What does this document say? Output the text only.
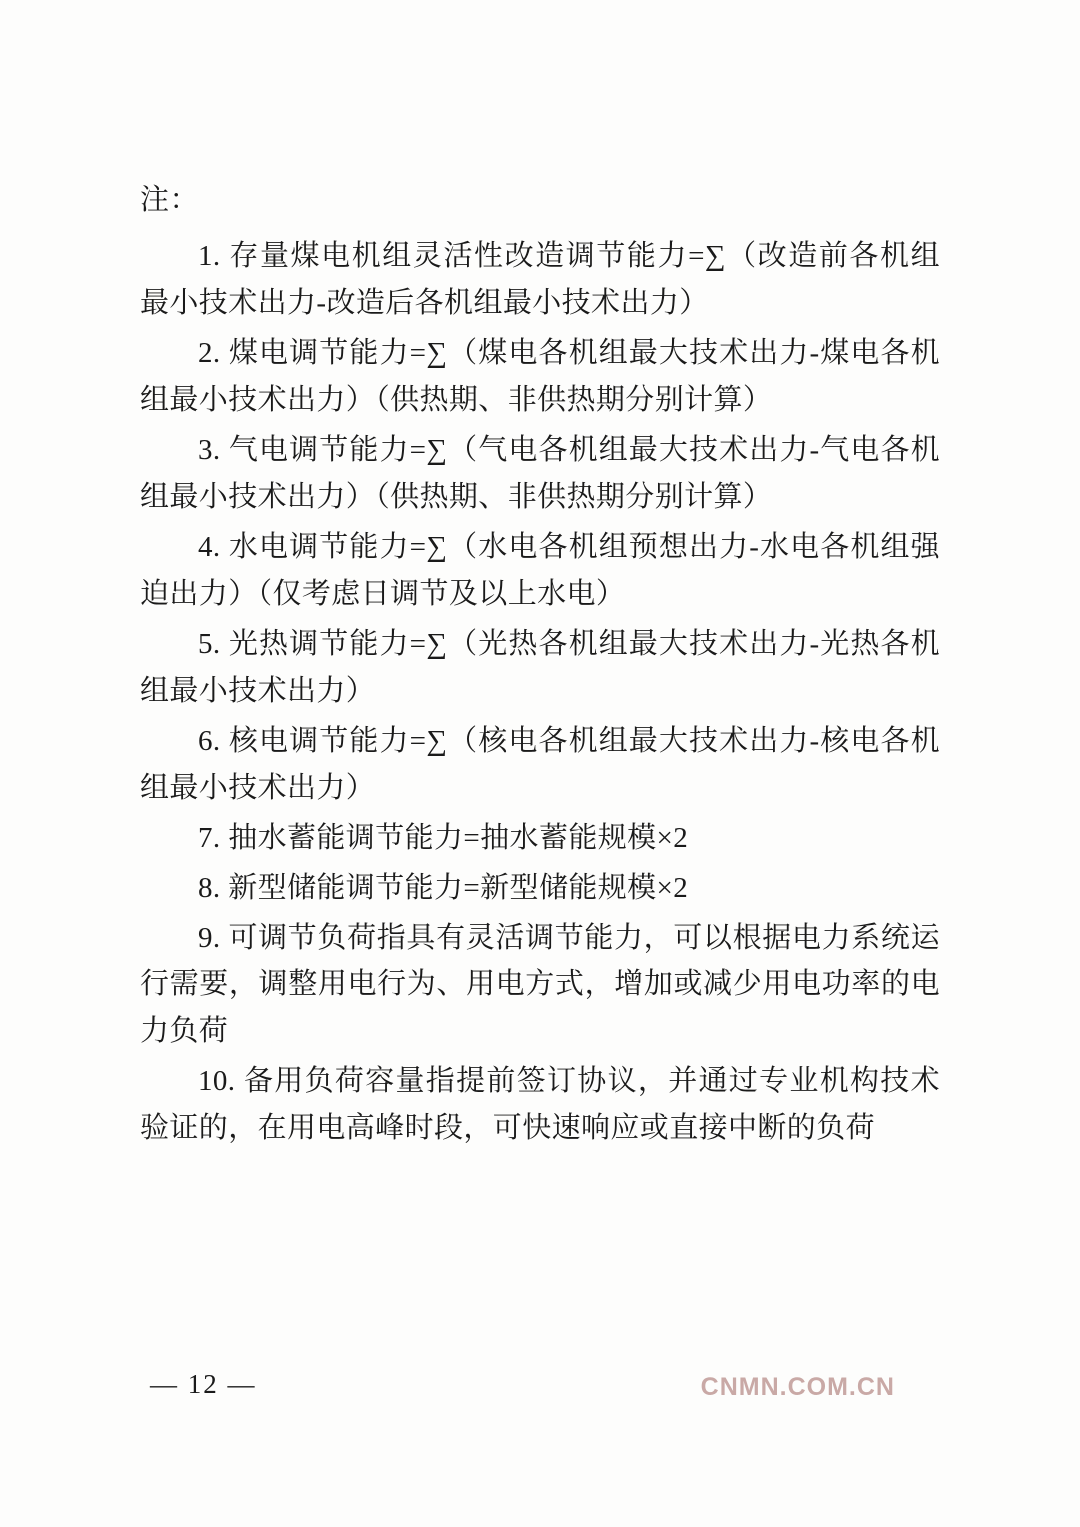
注：

1. 存量煤电机组灵活性改造调节能力=∑（改造前各机组最小技术出力-改造后各机组最小技术出力）

2. 煤电调节能力=∑（煤电各机组最大技术出力-煤电各机组最小技术出力）（供热期、非供热期分别计算）

3. 气电调节能力=∑（气电各机组最大技术出力-气电各机组最小技术出力）（供热期、非供热期分别计算）

4. 水电调节能力=∑（水电各机组预想出力-水电各机组强迫出力）（仅考虑日调节及以上水电）

5. 光热调节能力=∑（光热各机组最大技术出力-光热各机组最小技术出力）

6. 核电调节能力=∑（核电各机组最大技术出力-核电各机组最小技术出力）

7. 抽水蓄能调节能力=抽水蓄能规模×2

8. 新型储能调节能力=新型储能规模×2

9. 可调节负荷指具有灵活调节能力，可以根据电力系统运行需要，调整用电行为、用电方式，增加或减少用电功率的电力负荷

10. 备用负荷容量指提前签订协议，并通过专业机构技术验证的，在用电高峰时段，可快速响应或直接中断的负荷

— 12 —	CNMN.COM.CN
